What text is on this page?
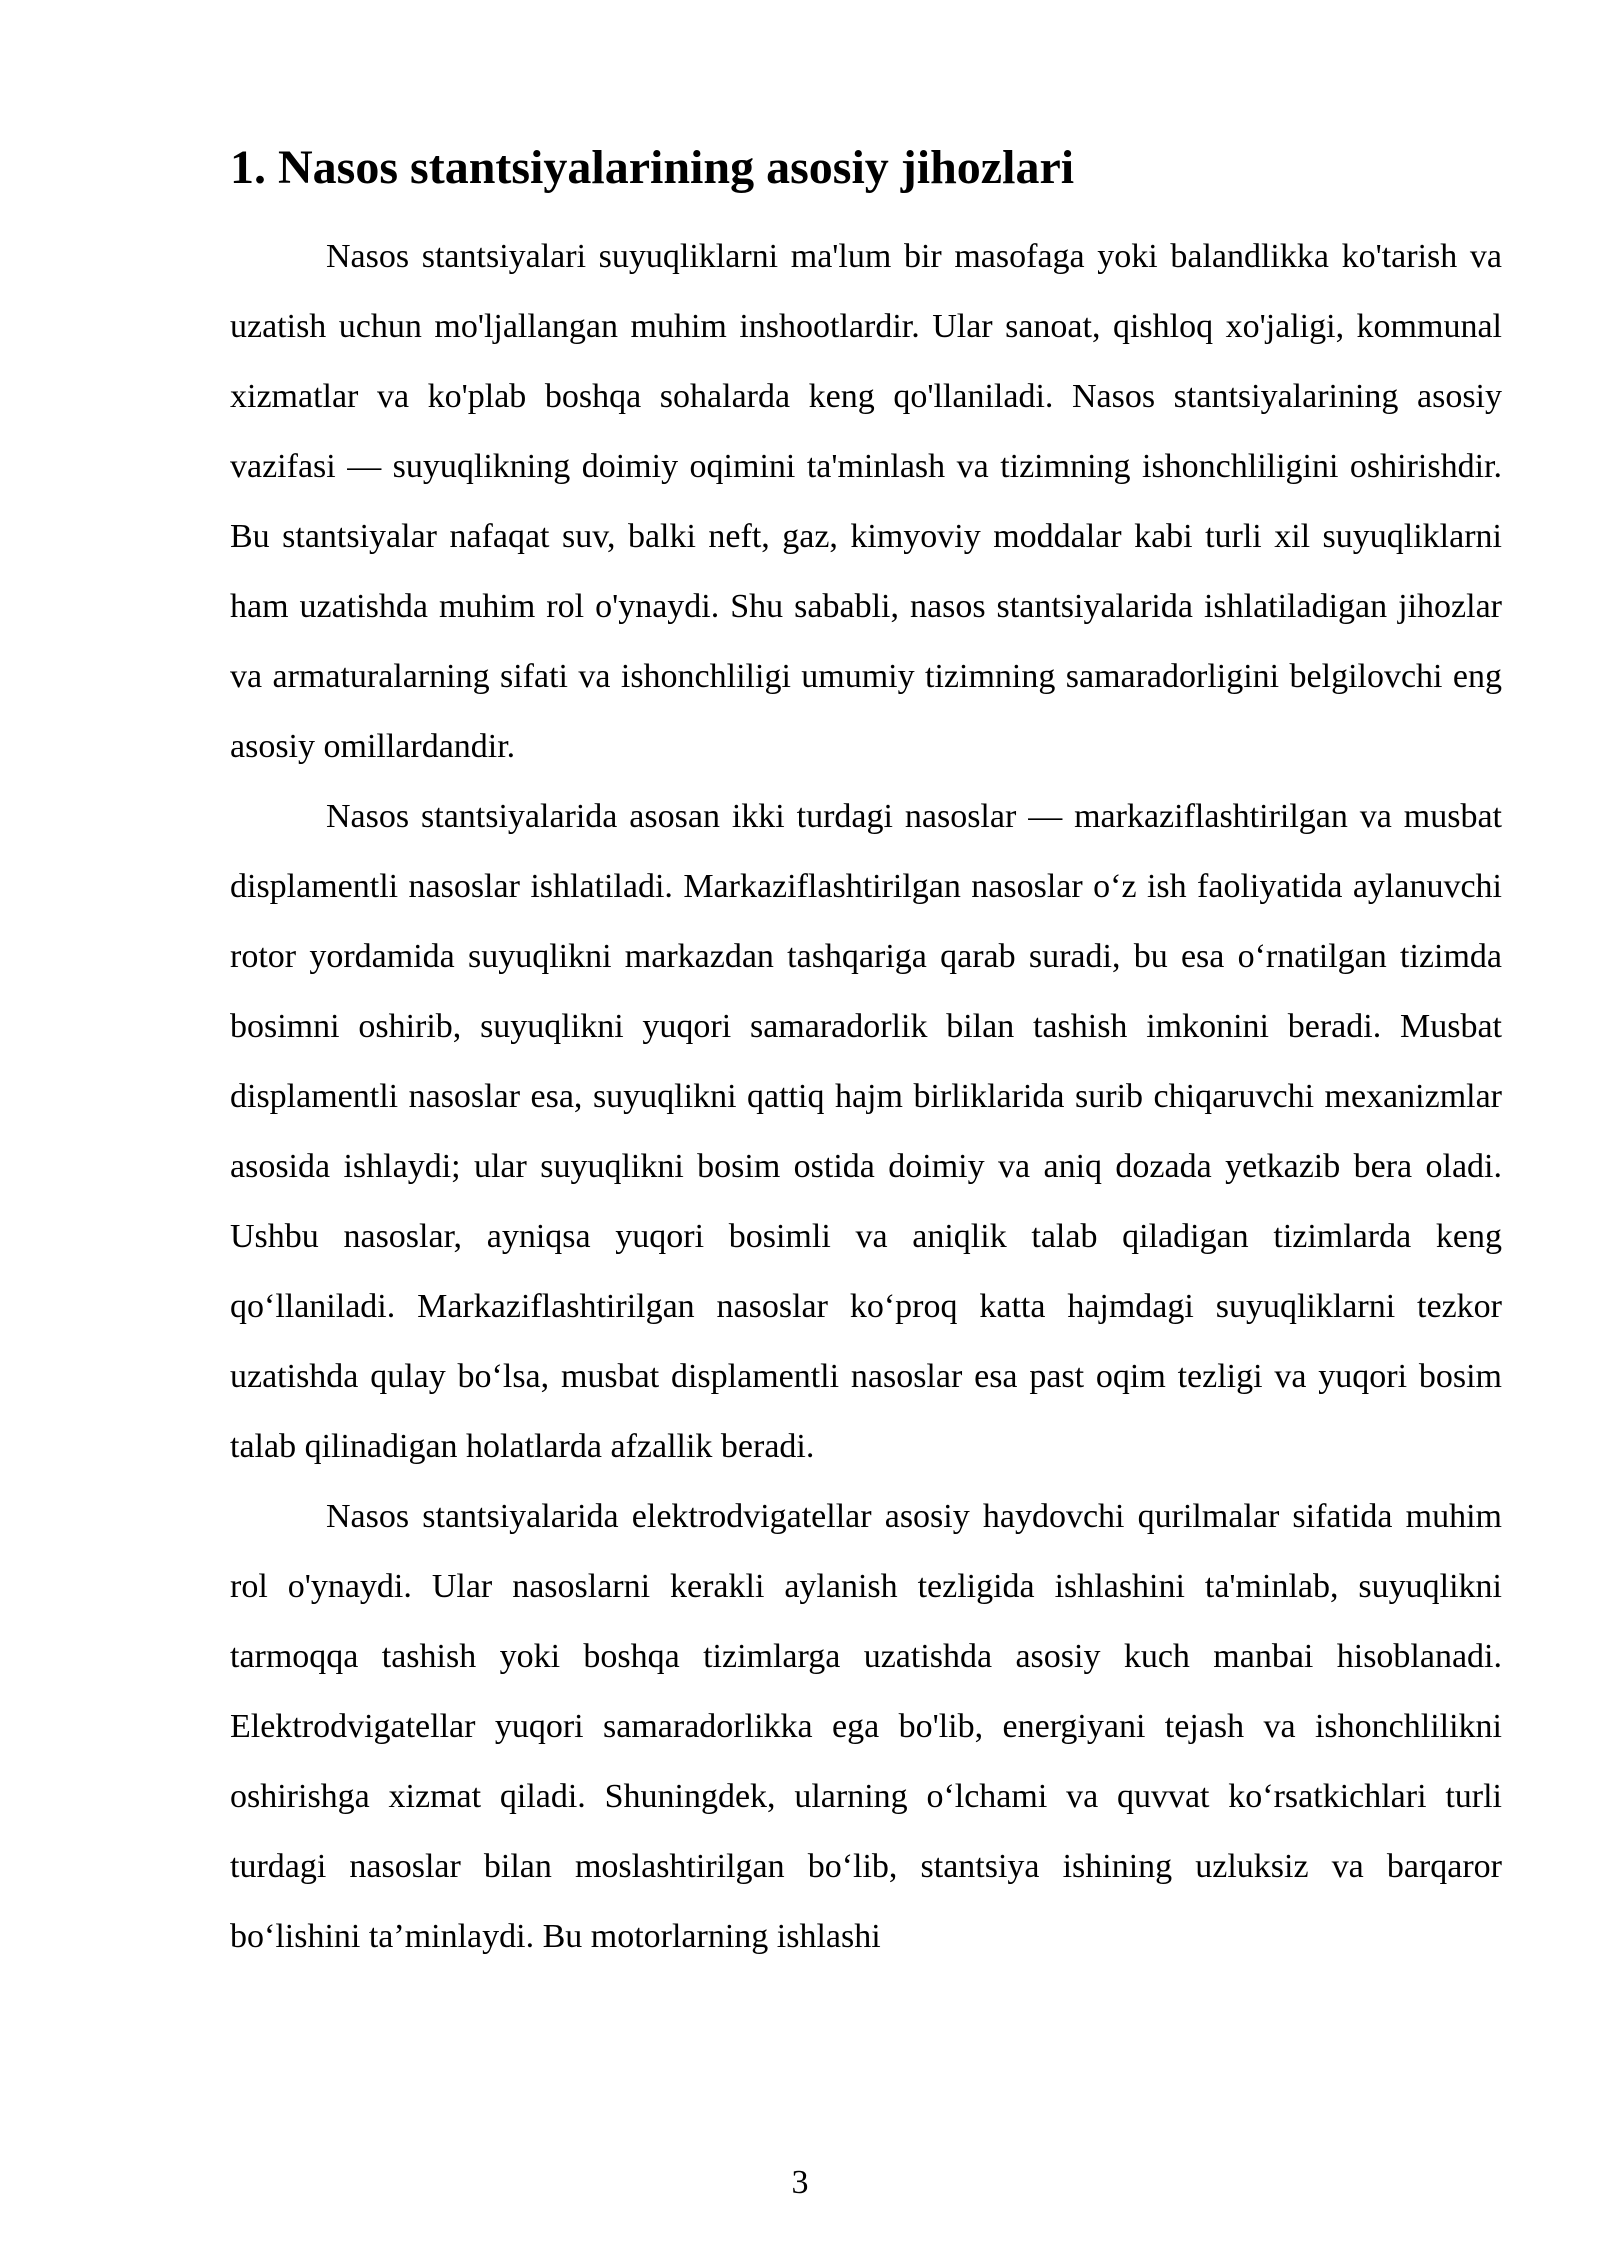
1. Nasos stantsiyalarining asosiy jihozlari

Nasos stantsiyalari suyuqliklarni ma'lum bir masofaga yoki balandlikka ko'tarish va uzatish uchun mo'ljallangan muhim inshootlardir. Ular sanoat, qishloq xo'jaligi, kommunal xizmatlar va ko'plab boshqa sohalarda keng qo'llaniladi. Nasos stantsiyalarining asosiy vazifasi — suyuqlikning doimiy oqimini ta'minlash va tizimning ishonchliligini oshirishdir. Bu stantsiyalar nafaqat suv, balki neft, gaz, kimyoviy moddalar kabi turli xil suyuqliklarni ham uzatishda muhim rol o'ynaydi. Shu sababli, nasos stantsiyalarida ishlatiladigan jihozlar va armaturalarning sifati va ishonchliligi umumiy tizimning samaradorligini belgilovchi eng asosiy omillardandir.

Nasos stantsiyalarida asosan ikki turdagi nasoslar — markaziflashtirilgan va musbat displamentli nasoslar ishlatiladi. Markaziflashtirilgan nasoslar o‘z ish faoliyatida aylanuvchi rotor yordamida suyuqlikni markazdan tashqariga qarab suradi, bu esa o‘rnatilgan tizimda bosimni oshirib, suyuqlikni yuqori samaradorlik bilan tashish imkonini beradi. Musbat displamentli nasoslar esa, suyuqlikni qattiq hajm birliklarida surib chiqaruvchi mexanizmlar asosida ishlaydi; ular suyuqlikni bosim ostida doimiy va aniq dozada yetkazib bera oladi. Ushbu nasoslar, ayniqsa yuqori bosimli va aniqlik talab qiladigan tizimlarda keng qo‘llaniladi. Markaziflashtirilgan nasoslar ko‘proq katta hajmdagi suyuqliklarni tezkor uzatishda qulay bo‘lsa, musbat displamentli nasoslar esa past oqim tezligi va yuqori bosim talab qilinadigan holatlarda afzallik beradi.

Nasos stantsiyalarida elektrodvigatellar asosiy haydovchi qurilmalar sifatida muhim rol o'ynaydi. Ular nasoslarni kerakli aylanish tezligida ishlashini ta'minlab, suyuqlikni tarmoqqa tashish yoki boshqa tizimlarga uzatishda asosiy kuch manbai hisoblanadi. Elektrodvigatellar yuqori samaradorlikka ega bo'lib, energiyani tejash va ishonchlilikni oshirishga xizmat qiladi. Shuningdek, ularning o‘lchami va quvvat ko‘rsatkichlari turli turdagi nasoslar bilan moslashtirilgan bo‘lib, stantsiya ishining uzluksiz va barqaror bo‘lishini ta’minlaydi. Bu motorlarning ishlashi

3
